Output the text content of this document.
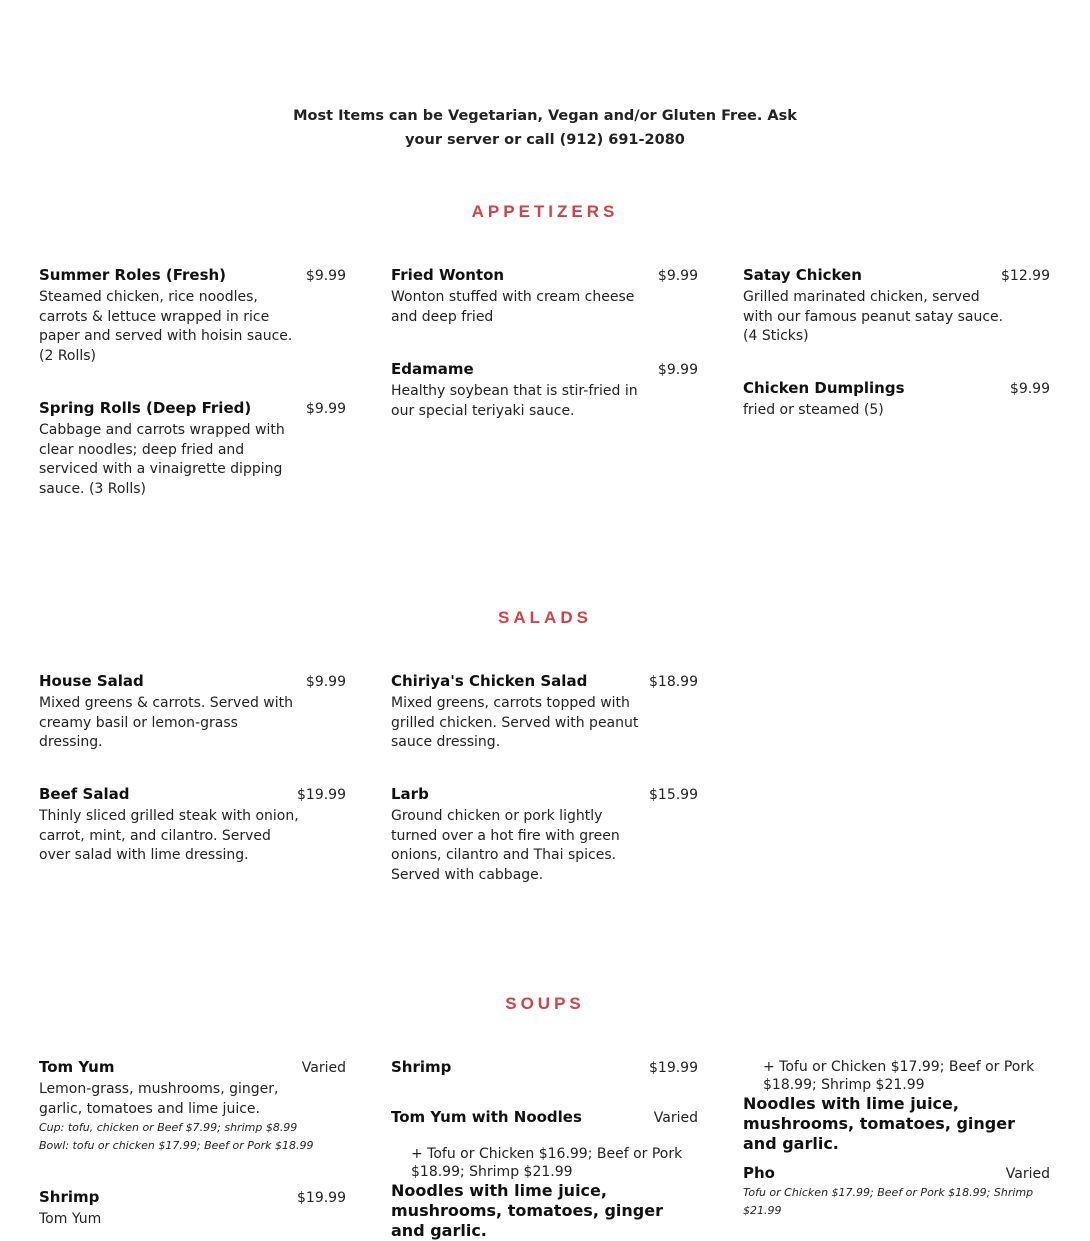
Most Items can be Vegetarian, Vegan and/or Gluten Free. Ask
your server or call (912) 691-2080
APPETIZERS
Summer Roles (Fresh)	$9.99
Steamed chicken, rice noodles, carrots & lettuce wrapped in rice paper and served with hoisin sauce. (2 Rolls)
Spring Rolls (Deep Fried)	$9.99
Cabbage and carrots wrapped with clear noodles; deep fried and serviced with a vinaigrette dipping sauce. (3 Rolls)
Fried Wonton	$9.99
Wonton stuffed with cream cheese and deep fried
Edamame	$9.99
Healthy soybean that is stir-fried in our special teriyaki sauce.
Satay Chicken	$12.99
Grilled marinated chicken, served with our famous peanut satay sauce. (4 Sticks)
Chicken Dumplings	$9.99
fried or steamed (5)
SALADS
House Salad	$9.99
Mixed greens & carrots. Served with creamy basil or lemon-grass dressing.
Beef Salad	$19.99
Thinly sliced grilled steak with onion, carrot, mint, and cilantro. Served over salad with lime dressing.
Chiriya's Chicken Salad	$18.99
Mixed greens, carrots topped with grilled chicken. Served with peanut sauce dressing.
Larb	$15.99
Ground chicken or pork lightly turned over a hot fire with green onions, cilantro and Thai spices. Served with cabbage.
SOUPS
Tom Yum	Varied
Lemon-grass, mushrooms, ginger, garlic, tomatoes and lime juice.
Cup: tofu, chicken or Beef $7.99; shrimp $8.99
Bowl: tofu or chicken $17.99; Beef or Pork $18.99
Shrimp	$19.99
Tom Yum
Shrimp	$19.99
Tom Yum with Noodles	Varied
+ Tofu or Chicken $16.99; Beef or Pork $18.99; Shrimp $21.99
Noodles with lime juice, mushrooms, tomatoes, ginger and garlic.
+ Tofu or Chicken $17.99; Beef or Pork $18.99; Shrimp $21.99
Noodles with lime juice, mushrooms, tomatoes, ginger and garlic.
Pho	Varied
Tofu or Chicken $17.99; Beef or Pork $18.99; Shrimp $21.99
